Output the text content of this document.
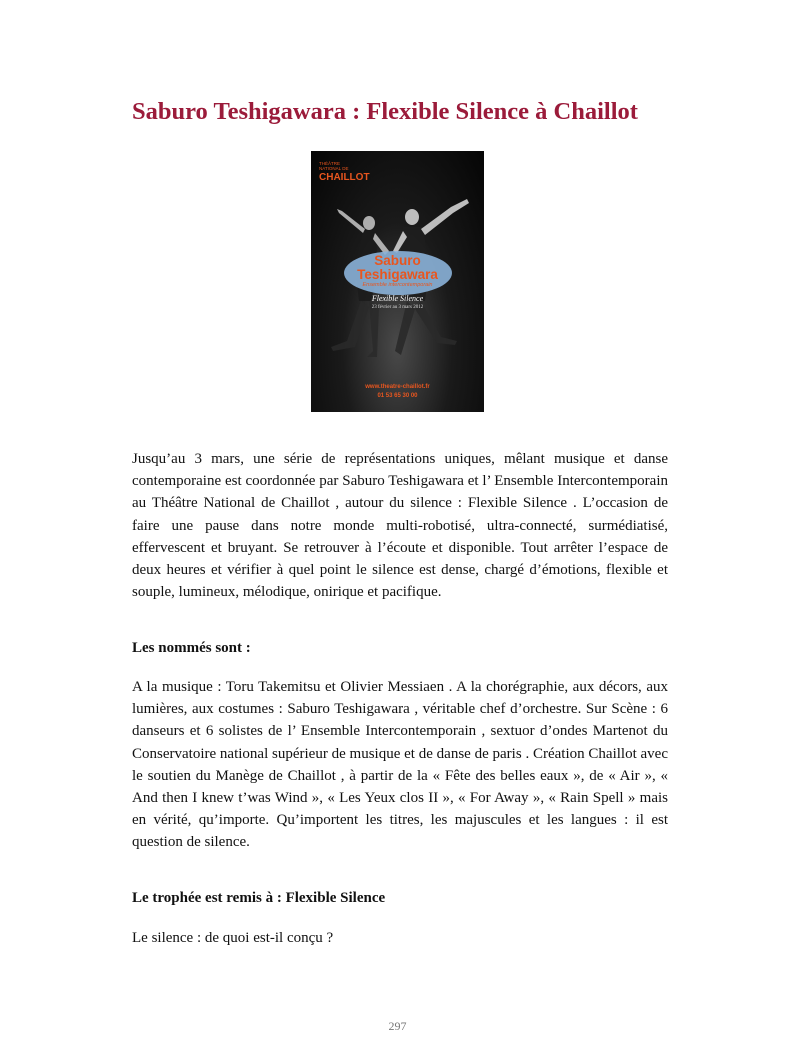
Saburo Teshigawara : Flexible Silence à Chaillot
THÉÂTRE NATIONAL DE
CHAILLOT
Saburo
Teshigawara
Ensemble intercontemporain
Flexible Silence
23 février au 3 mars 2012
www.theatre-chaillot.fr
01 53 65 30 00

Jusqu’au 3 mars, une série de représentations uniques, mêlant musique et danse contemporaine est coordonnée par Saburo Teshigawara et l’ Ensemble Intercontemporain au Théâtre National de Chaillot , autour du silence : Flexible Silence . L’occasion de faire une pause dans notre monde multi-robotisé, ultra-connecté, surmédiatisé, effervescent et bruyant. Se retrouver à l’écoute et disponible. Tout arrêter l’espace de deux heures et vérifier à quel point le silence est dense, chargé d’émotions, flexible et souple, lumineux, mélodique, onirique et pacifique.

Les nommés sont :

A la musique : Toru Takemitsu et Olivier Messiaen . A la chorégraphie, aux décors, aux lumières, aux costumes : Saburo Teshigawara , véritable chef d’orchestre. Sur Scène : 6 danseurs et 6 solistes de l’ Ensemble Intercontemporain , sextuor d’ondes Martenot du Conservatoire national supérieur de musique et de danse de paris . Création Chaillot avec le soutien du Manège de Chaillot , à partir de la « Fête des belles eaux », de « Air », « And then I knew t’was Wind », « Les Yeux clos II », « For Away », « Rain Spell » mais en vérité, qu’importe. Qu’importent les titres, les majuscules et les langues : il est question de silence.

Le trophée est remis à : Flexible Silence

Le silence : de quoi est-il conçu ?

297
